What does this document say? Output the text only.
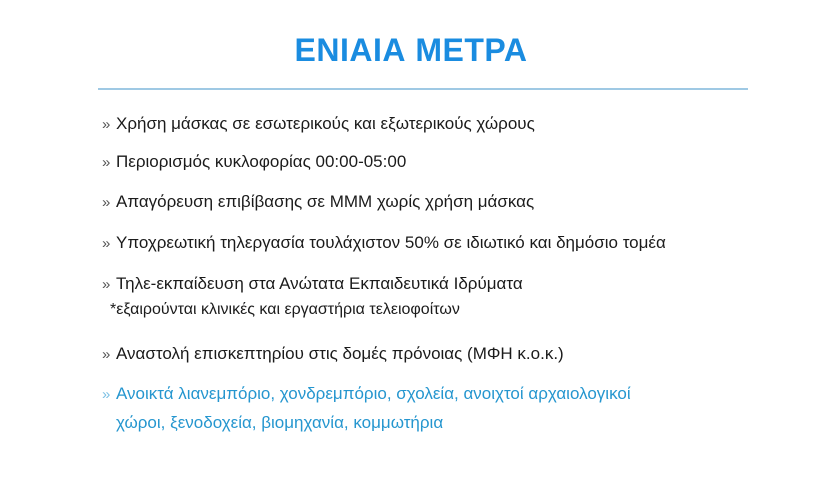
ΕΝΙΑΙΑ ΜΕΤΡΑ
» Χρήση μάσκας σε εσωτερικούς και εξωτερικούς χώρους
» Περιορισμός κυκλοφορίας 00:00-05:00
» Απαγόρευση επιβίβασης σε ΜΜΜ χωρίς χρήση μάσκας
» Υποχρεωτική τηλεργασία τουλάχιστον 50% σε ιδιωτικό και δημόσιο τομέα
» Τηλε-εκπαίδευση στα Ανώτατα Εκπαιδευτικά Ιδρύματα
*εξαιρούνται κλινικές και εργαστήρια τελειοφοίτων
» Αναστολή επισκεπτηρίου στις δομές πρόνοιας (ΜΦΗ κ.ο.κ.)
» Ανοικτά λιανεμπόριο, χονδρεμπόριο, σχολεία, ανοιχτοί αρχαιολογικοί
χώροι, ξενοδοχεία, βιομηχανία, κομμωτήρια
